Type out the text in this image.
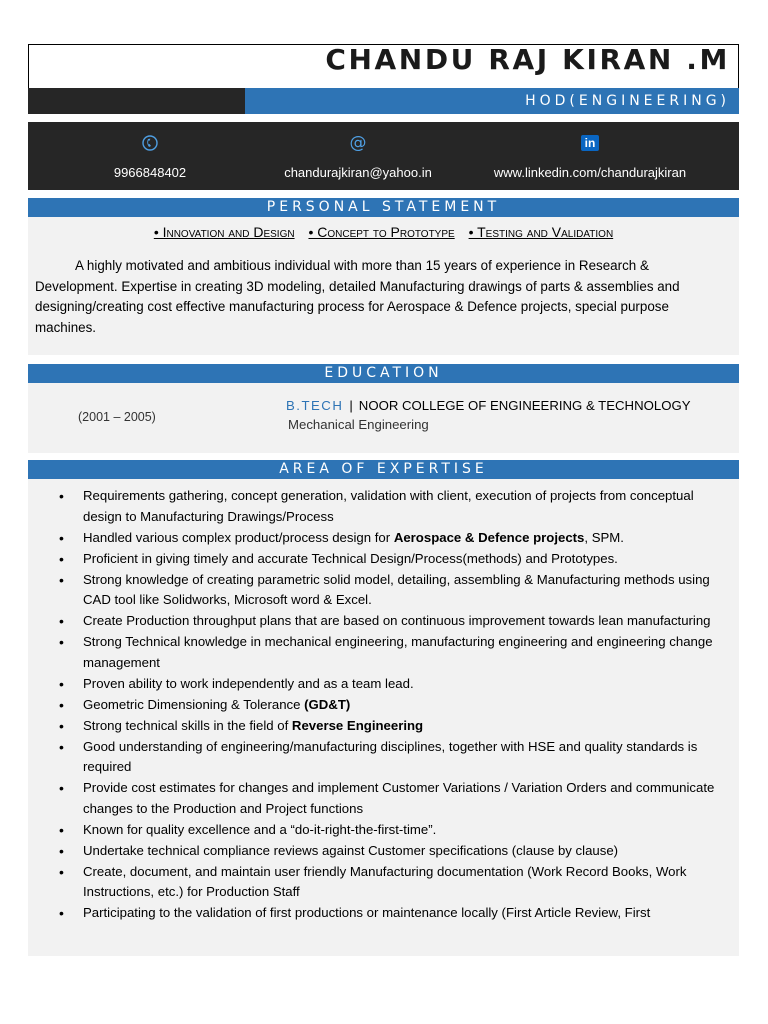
CHANDU RAJ KIRAN .M
HOD(ENGINEERING)
9966848402
@
chandurajkiran@yahoo.in
in
www.linkedin.com/chandurajkiran
PERSONAL STATEMENT
• Innovation and Design • Concept to Prototype • Testing and Validation
A highly motivated and ambitious individual with more than 15 years of experience in Research & Development. Expertise in creating 3D modeling, detailed Manufacturing drawings of parts & assemblies and designing/creating cost effective manufacturing process for Aerospace & Defence projects, special purpose machines.
EDUCATION
(2001 – 2005)
B.TECH | NOOR COLLEGE OF ENGINEERING & TECHNOLOGY
Mechanical Engineering
AREA OF EXPERTISE
• Requirements gathering, concept generation, validation with client, execution of projects from conceptual design to Manufacturing Drawings/Process
• Handled various complex product/process design for Aerospace & Defence projects, SPM.
• Proficient in giving timely and accurate Technical Design/Process(methods) and Prototypes.
• Strong knowledge of creating parametric solid model, detailing, assembling & Manufacturing methods using CAD tool like Solidworks, Microsoft word & Excel.
• Create Production throughput plans that are based on continuous improvement towards lean manufacturing
• Strong Technical knowledge in mechanical engineering, manufacturing engineering and engineering change management
• Proven ability to work independently and as a team lead.
• Geometric Dimensioning & Tolerance (GD&T)
• Strong technical skills in the field of Reverse Engineering
• Good understanding of engineering/manufacturing disciplines, together with HSE and quality standards is required
• Provide cost estimates for changes and implement Customer Variations / Variation Orders and communicate changes to the Production and Project functions
• Known for quality excellence and a “do-it-right-the-first-time”.
• Undertake technical compliance reviews against Customer specifications (clause by clause)
• Create, document, and maintain user friendly Manufacturing documentation (Work Record Books, Work Instructions, etc.) for Production Staff
• Participating to the validation of first productions or maintenance locally (First Article Review, First
